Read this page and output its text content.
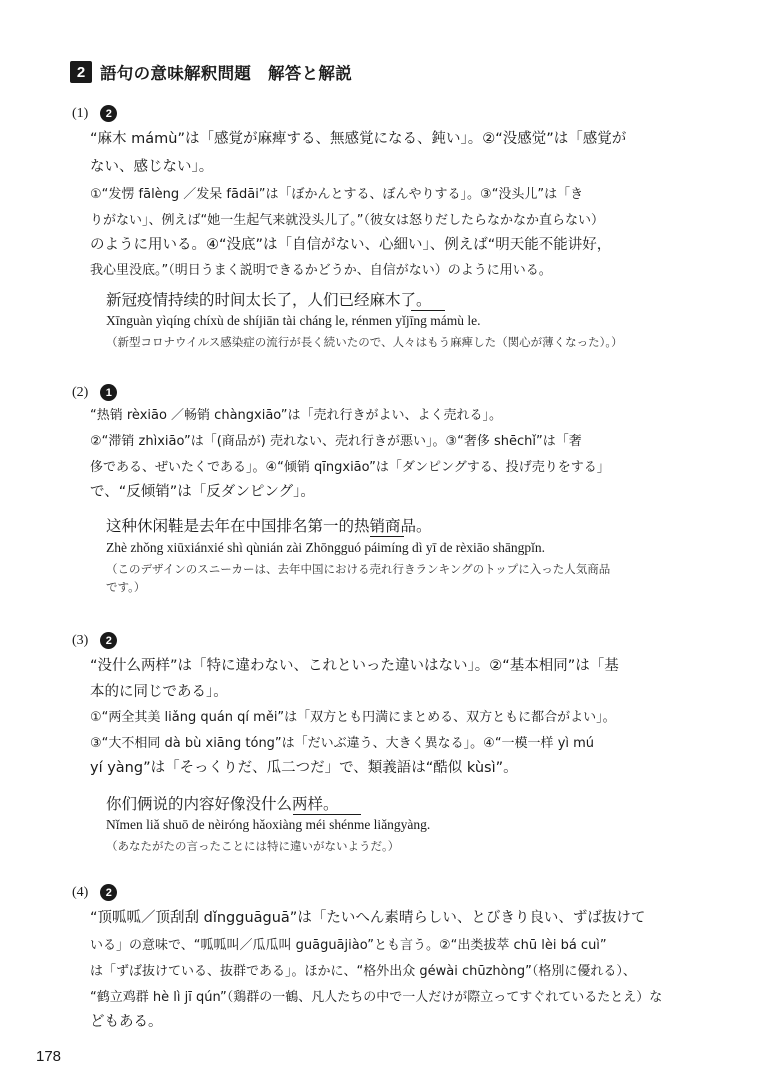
2 語句の意味解釈問題　解答と解説
(1)	2
“麻木 mámù”は「感覚が麻痺する、無感覚になる、鈍い」。②“没感觉”は「感覚が
ない、感じない」。
①“发愣 fālèng ／发呆 fādāi”は「ぼかんとする、ぼんやりする」。③“没头儿”は「き
りがない」、例えば“她一生起气来就没头儿了。”（彼女は怒りだしたらなかなか直らない）
のように用いる。④“没底”は「自信がない、心細い」、例えば“明天能不能讲好，
我心里没底。”（明日うまく説明できるかどうか、自信がない）のように用いる。
新冠疫情持续的时间太长了，人们已经麻木了。
Xīnguàn yìqíng chíxù de shíjiān tài cháng le, rénmen yǐjīng mámù le.
（新型コロナウイルス感染症の流行が長く続いたので、人々はもう麻痺した（関心が薄くなった）。）
(2)	1
“热销 rèxiāo ／畅销 chàngxiāo”は「売れ行きがよい、よく売れる」。
②“滞销 zhìxiāo”は「(商品が) 売れない、売れ行きが悪い」。③“奢侈 shēchǐ”は「奢
侈である、ぜいたくである」。④“倾销 qīngxiāo”は「ダンピングする、投げ売りをする」
で、“反倾销”は「反ダンピング」。
这种休闲鞋是去年在中国排名第一的热销商品。
Zhè zhǒng xiūxiánxié shì qùnián zài Zhōngguó páimíng dì yī de rèxiāo shāngpǐn.
（このデザインのスニーカーは、去年中国における売れ行きランキングのトップに入った人気商品
です。）
(3)	2
“没什么两样”は「特に違わない、これといった違いはない」。②“基本相同”は「基
本的に同じである」。
①“两全其美 liǎng quán qí měi”は「双方とも円満にまとめる、双方ともに都合がよい」。
③“大不相同 dà bù xiāng tóng”は「だいぶ違う、大きく異なる」。④“一模一样 yì mú
yí yàng”は「そっくりだ、瓜二つだ」で、類義語は“酷似 kùsì”。
你们俩说的内容好像没什么两样。
Nǐmen liǎ shuō de nèiróng hǎoxiàng méi shénme liǎngyàng.
（あなたがたの言ったことには特に違いがないようだ。）
(4)	2
“顶呱呱／顶刮刮 dǐngguāguā”は「たいへん素晴らしい、とびきり良い、ずば抜けて
いる」の意味で、“呱呱叫／瓜瓜叫 guāguājiào”とも言う。②“出类拔萃 chū lèi bá cuì”
は「ずば抜けている、抜群である」。ほかに、“格外出众 géwài chūzhòng”（格別に優れる）、
“鹤立鸡群 hè lì jī qún”（鶏群の一鶴、凡人たちの中で一人だけが際立ってすぐれているたとえ）な
どもある。
178
